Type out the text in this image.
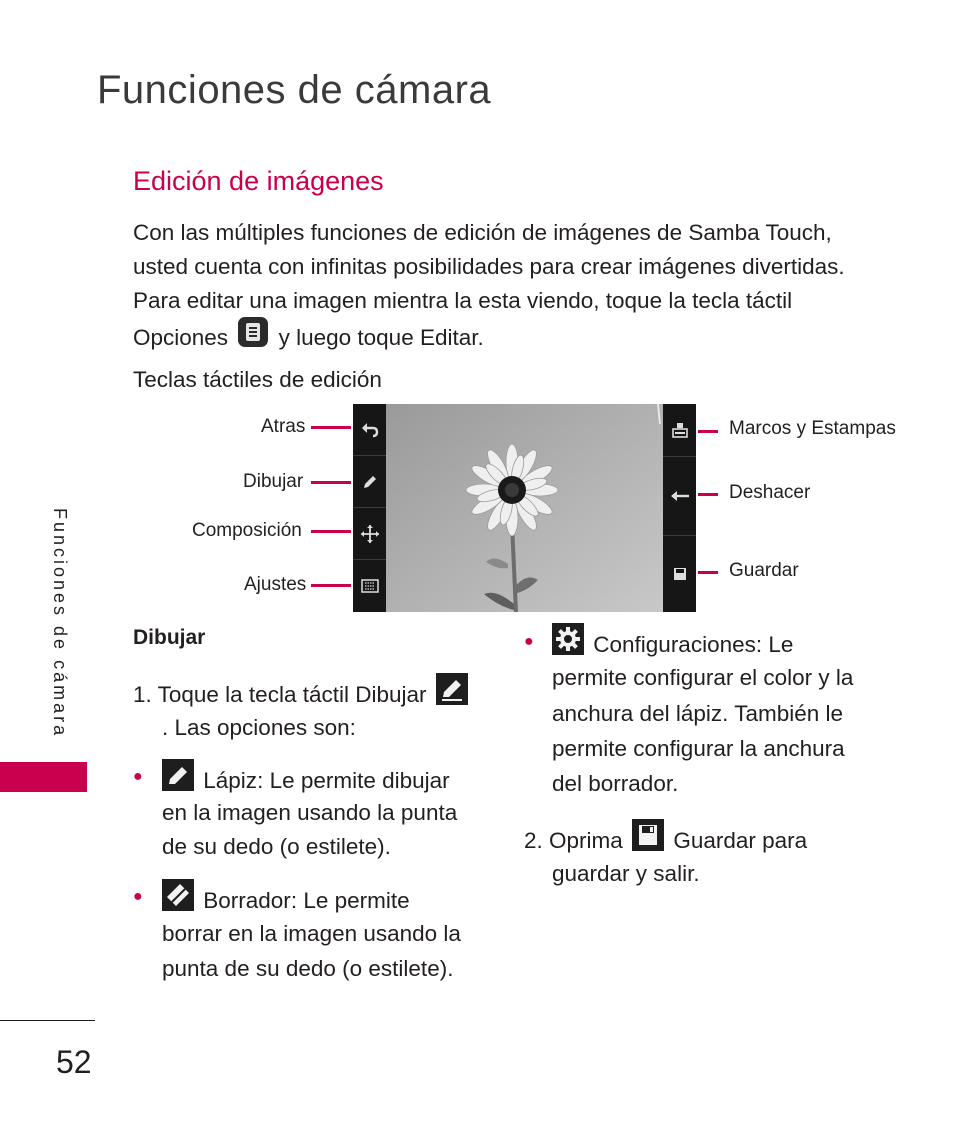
Funciones de cámara
Edición de imágenes
Con las múltiples funciones de edición de imágenes de Samba Touch,
usted cuenta con infinitas posibilidades para crear imágenes divertidas.
Para editar una imagen mientra la esta viendo, toque la tecla táctil
Opciones y luego toque Editar.
Teclas táctiles de edición
Atras
Dibujar
Composición
Ajustes
Marcos y Estampas
Deshacer
Guardar
Dibujar
1. Toque la tecla táctil Dibujar
. Las opciones son:
●	Lápiz: Le permite dibujar
en la imagen usando la punta
de su dedo (o estilete).
●	Borrador: Le permite
borrar en la imagen usando la
punta de su dedo (o estilete).
●	Configuraciones: Le
permite configurar el color y la
anchura del lápiz. También le
permite configurar la anchura
del borrador.
2. Oprima Guardar para
guardar y salir.
Funciones de cámara
52
